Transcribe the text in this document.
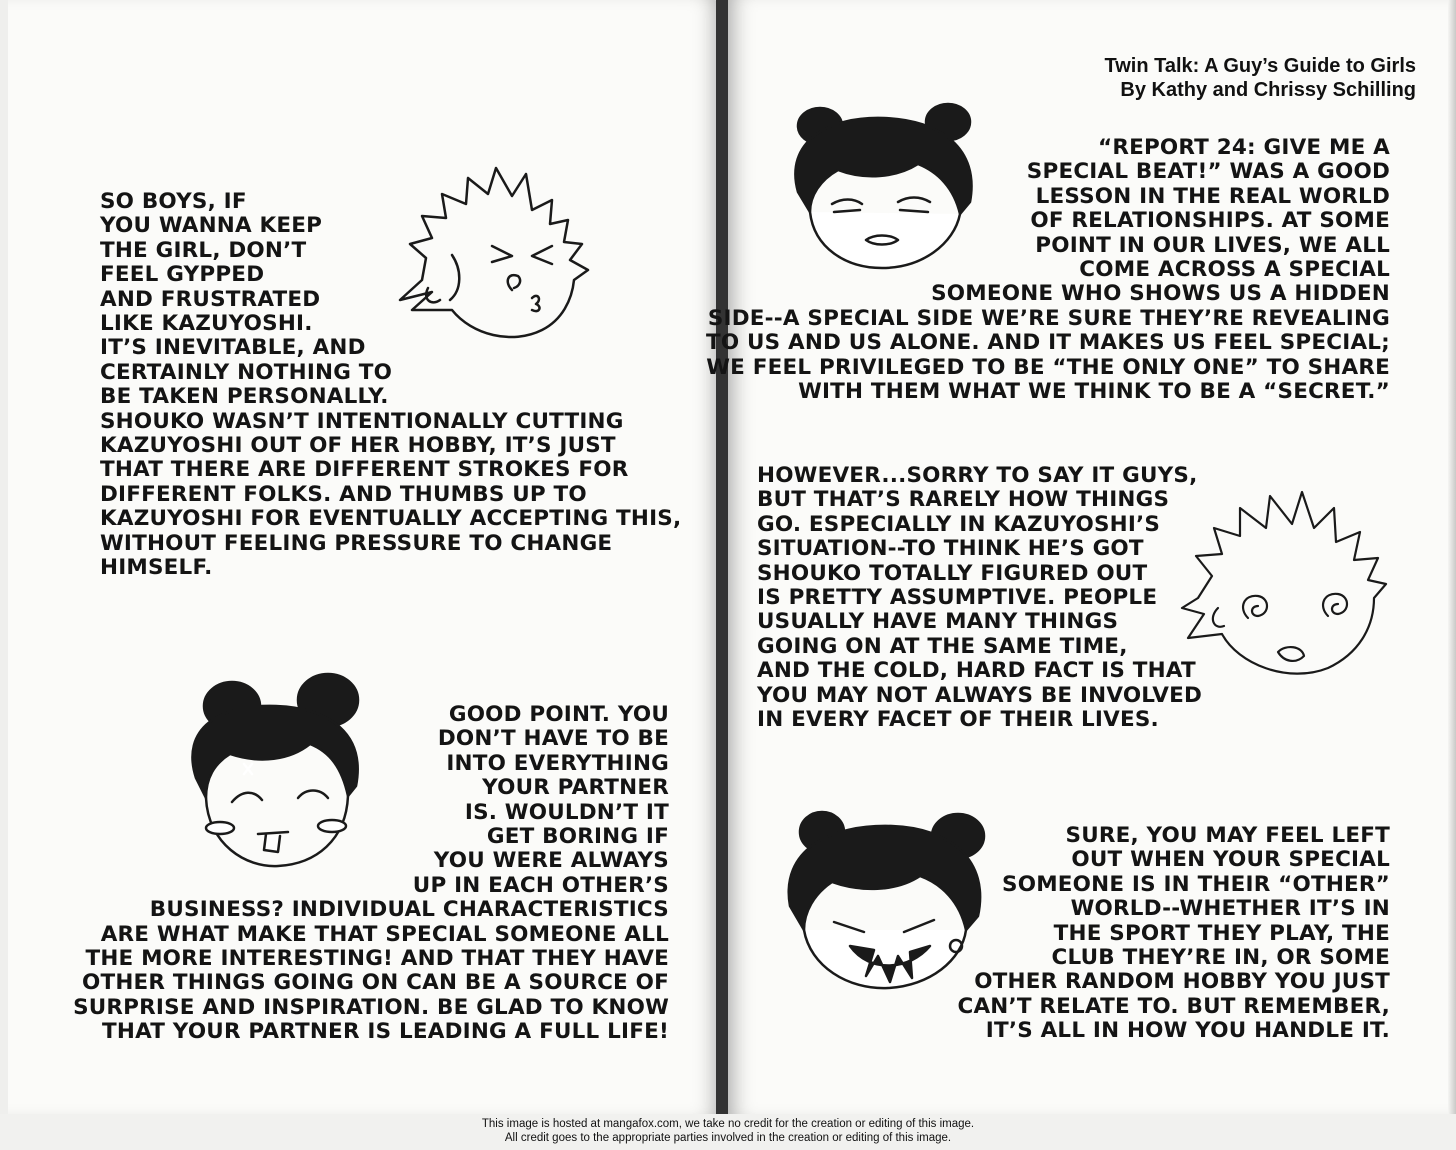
Twin Talk: A Guy’s Guide to Girls
By Kathy and Chrissy Schilling
SO BOYS, IF
YOU WANNA KEEP
THE GIRL, DON’T
FEEL GYPPED
AND FRUSTRATED
LIKE KAZUYOSHI.
IT’S INEVITABLE, AND
CERTAINLY NOTHING TO
BE TAKEN PERSONALLY.
SHOUKO WASN’T INTENTIONALLY CUTTING
KAZUYOSHI OUT OF HER HOBBY, IT’S JUST
THAT THERE ARE DIFFERENT STROKES FOR
DIFFERENT FOLKS. AND THUMBS UP TO
KAZUYOSHI FOR EVENTUALLY ACCEPTING THIS,
WITHOUT FEELING PRESSURE TO CHANGE
HIMSELF.
GOOD POINT. YOU
DON’T HAVE TO BE
INTO EVERYTHING
YOUR PARTNER
IS. WOULDN’T IT
GET BORING IF
YOU WERE ALWAYS
UP IN EACH OTHER’S
BUSINESS? INDIVIDUAL CHARACTERISTICS
ARE WHAT MAKE THAT SPECIAL SOMEONE ALL
THE MORE INTERESTING! AND THAT THEY HAVE
OTHER THINGS GOING ON CAN BE A SOURCE OF
SURPRISE AND INSPIRATION. BE GLAD TO KNOW
THAT YOUR PARTNER IS LEADING A FULL LIFE!
“REPORT 24: GIVE ME A
SPECIAL BEAT!” WAS A GOOD
LESSON IN THE REAL WORLD
OF RELATIONSHIPS. AT SOME
POINT IN OUR LIVES, WE ALL
COME ACROSS A SPECIAL
SOMEONE WHO SHOWS US A HIDDEN
SIDE--A SPECIAL SIDE WE’RE SURE THEY’RE REVEALING
TO US AND US ALONE. AND IT MAKES US FEEL SPECIAL;
WE FEEL PRIVILEGED TO BE “THE ONLY ONE” TO SHARE
WITH THEM WHAT WE THINK TO BE A “SECRET.”
HOWEVER...SORRY TO SAY IT GUYS,
BUT THAT’S RARELY HOW THINGS
GO. ESPECIALLY IN KAZUYOSHI’S
SITUATION--TO THINK HE’S GOT
SHOUKO TOTALLY FIGURED OUT
IS PRETTY ASSUMPTIVE. PEOPLE
USUALLY HAVE MANY THINGS
GOING ON AT THE SAME TIME,
AND THE COLD, HARD FACT IS THAT
YOU MAY NOT ALWAYS BE INVOLVED
IN EVERY FACET OF THEIR LIVES.
SURE, YOU MAY FEEL LEFT
OUT WHEN YOUR SPECIAL
SOMEONE IS IN THEIR “OTHER”
WORLD--WHETHER IT’S IN
THE SPORT THEY PLAY, THE
CLUB THEY’RE IN, OR SOME
OTHER RANDOM HOBBY YOU JUST
CAN’T RELATE TO. BUT REMEMBER,
IT’S ALL IN HOW YOU HANDLE IT.
This image is hosted at mangafox.com, we take no credit for the creation or editing of this image.
All credit goes to the appropriate parties involved in the creation or editing of this image.
